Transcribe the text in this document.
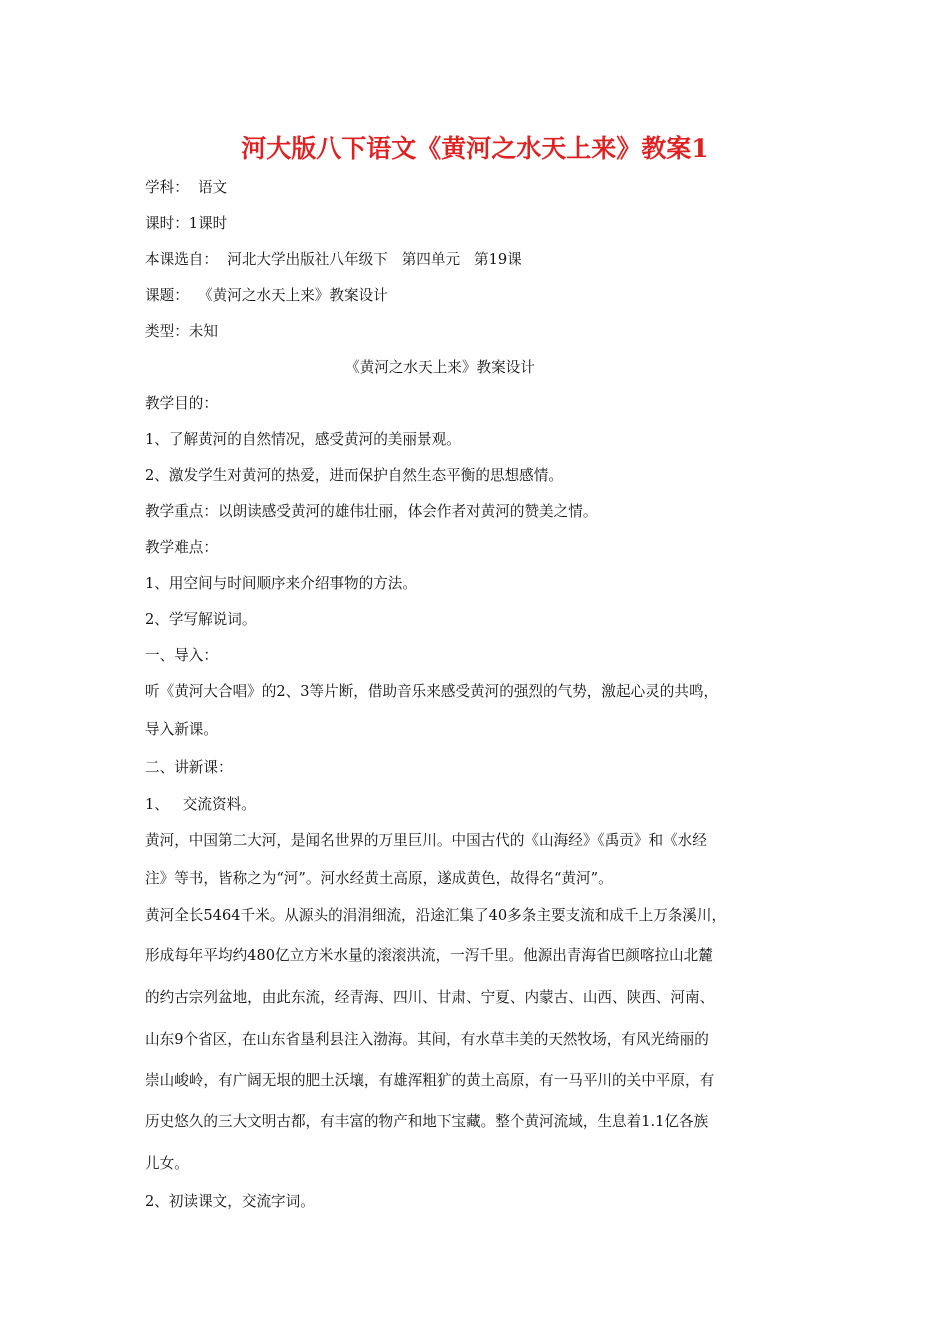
河大版八下语文《黄河之水天上来》教案1
学科：  语文
课时：1课时
本课选自：  河北大学出版社八年级下   第四单元   第19课
课题：  《黄河之水天上来》教案设计
类型：未知
《黄河之水天上来》教案设计
教学目的：
1、了解黄河的自然情况，感受黄河的美丽景观。
2、激发学生对黄河的热爱，进而保护自然生态平衡的思想感情。
教学重点：以朗读感受黄河的雄伟壮丽，体会作者对黄河的赞美之情。
教学难点：
1、用空间与时间顺序来介绍事物的方法。
2、学写解说词。
一、导入：
听《黄河大合唱》的2、3等片断，借助音乐来感受黄河的强烈的气势，激起心灵的共鸣，
导入新课。
二、讲新课：
1、   交流资料。
黄河，中国第二大河，是闻名世界的万里巨川。中国古代的《山海经》《禹贡》和《水经
注》等书，皆称之为“河”。河水经黄土高原，遂成黄色，故得名“黄河”。
黄河全长5464千米。从源头的涓涓细流，沿途汇集了40多条主要支流和成千上万条溪川，
形成每年平均约480亿立方米水量的滚滚洪流，一泻千里。他源出青海省巴颜喀拉山北麓
的约古宗列盆地，由此东流，经青海、四川、甘肃、宁夏、内蒙古、山西、陕西、河南、
山东9个省区，在山东省垦利县注入渤海。其间，有水草丰美的天然牧场，有风光绮丽的
崇山峻岭，有广阔无垠的肥土沃壤，有雄浑粗犷的黄土高原，有一马平川的关中平原，有
历史悠久的三大文明古都，有丰富的物产和地下宝藏。整个黄河流域，生息着1.1亿各族
儿女。
2、初读课文，交流字词。
